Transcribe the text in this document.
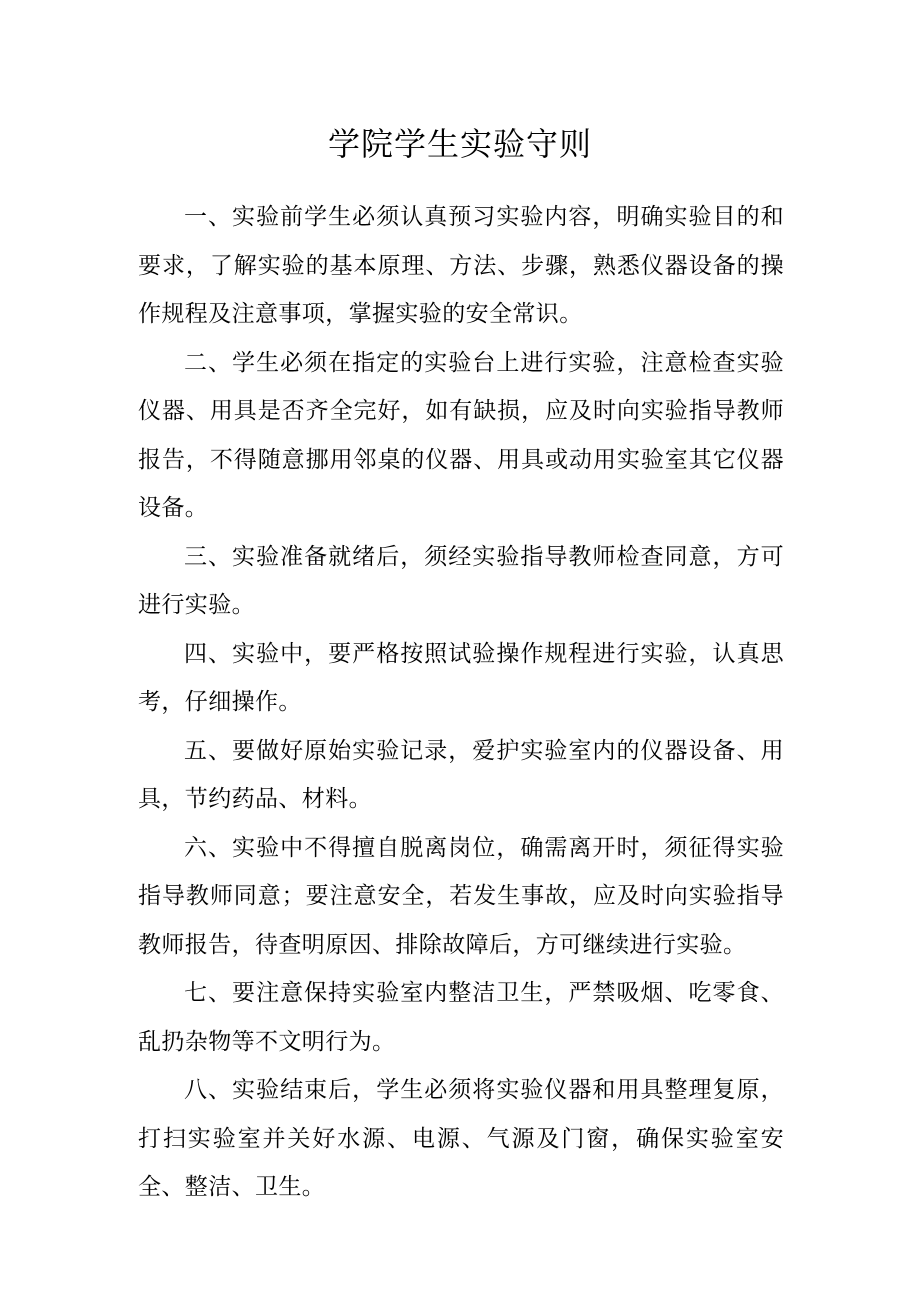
学院学生实验守则

一、实验前学生必须认真预习实验内容，明确实验目的和要求，了解实验的基本原理、方法、步骤，熟悉仪器设备的操作规程及注意事项，掌握实验的安全常识。

二、学生必须在指定的实验台上进行实验，注意检查实验仪器、用具是否齐全完好，如有缺损，应及时向实验指导教师报告，不得随意挪用邻桌的仪器、用具或动用实验室其它仪器设备。

三、实验准备就绪后，须经实验指导教师检查同意，方可进行实验。

四、实验中，要严格按照试验操作规程进行实验，认真思考，仔细操作。

五、要做好原始实验记录，爱护实验室内的仪器设备、用具，节约药品、材料。

六、实验中不得擅自脱离岗位，确需离开时，须征得实验指导教师同意；要注意安全，若发生事故，应及时向实验指导教师报告，待查明原因、排除故障后，方可继续进行实验。

七、要注意保持实验室内整洁卫生，严禁吸烟、吃零食、乱扔杂物等不文明行为。

八、实验结束后，学生必须将实验仪器和用具整理复原，打扫实验室并关好水源、电源、气源及门窗，确保实验室安全、整洁、卫生。
